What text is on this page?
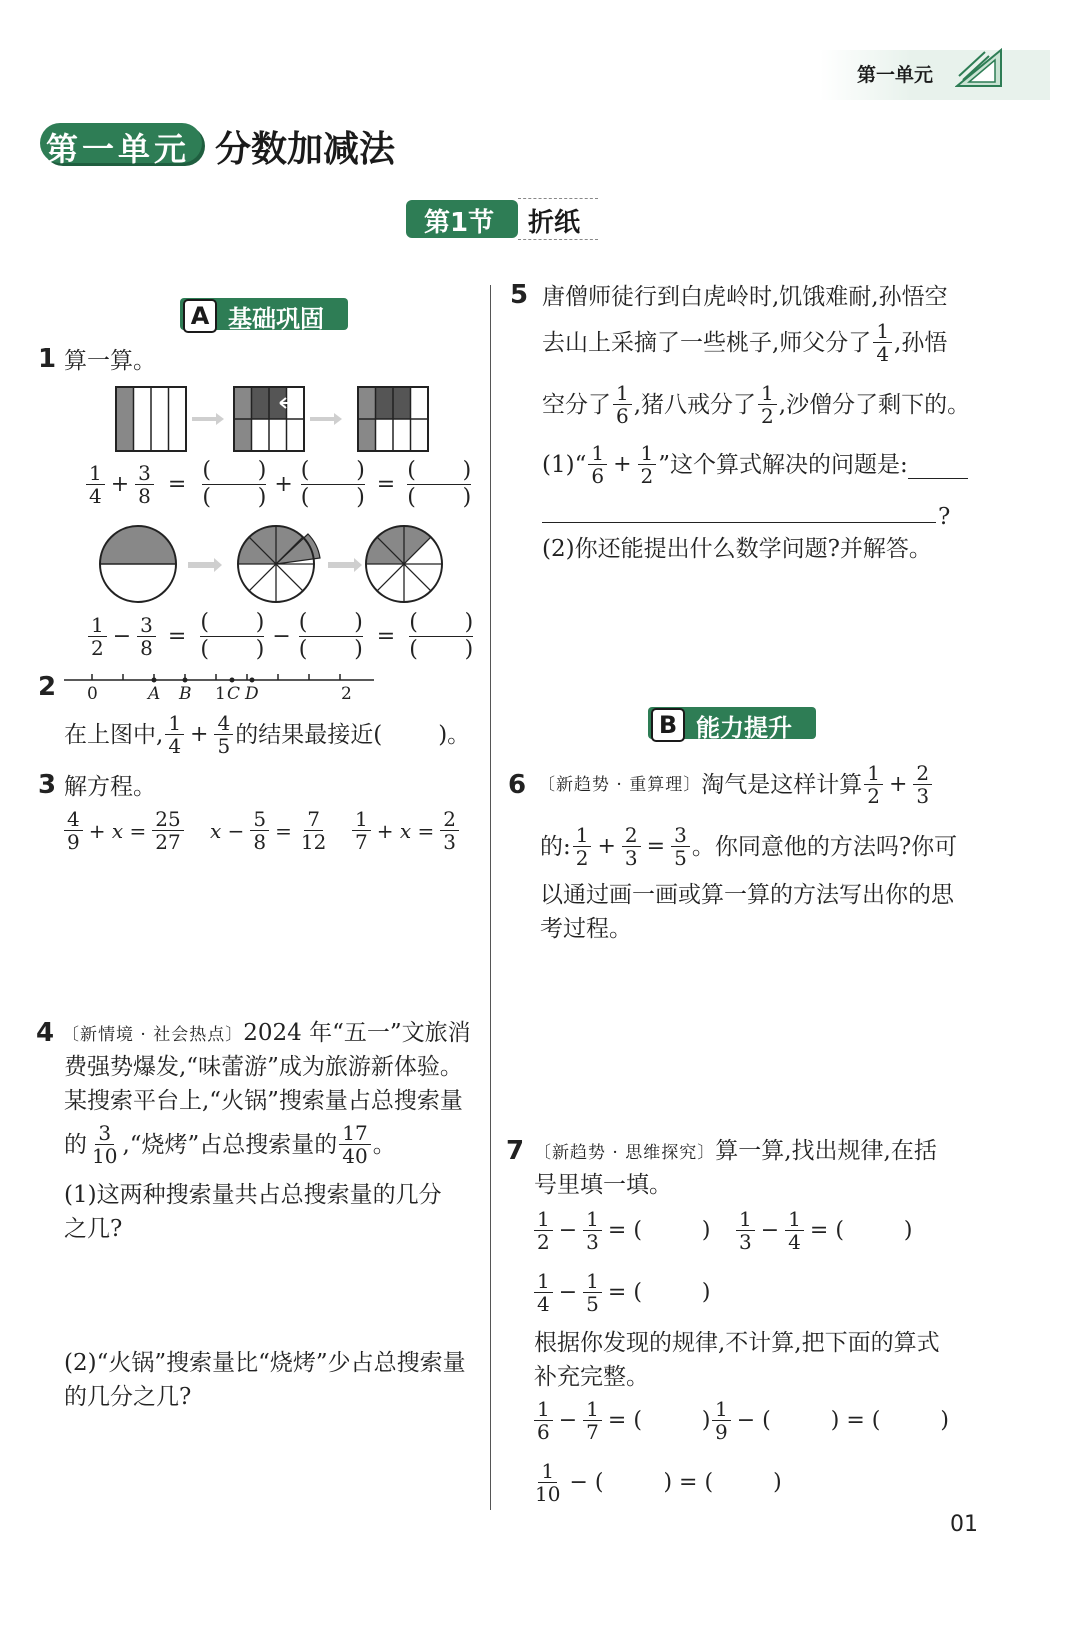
第一单元
第一单元 分数加减法
第1节 折纸
A 基础巩固
1 算一算。
1
$4 + \frac{3}{8}$ =
( )
( )
+
( )
( )
=
( )
( )
1
$2 - \frac{3}{8}$ =
( )
( )
−
( )
( )
=
( )
( )
2 0	A B 1 C D	2
在上图中, 1
$4 + \frac{4}{5}$ 的结果最接近( )。
3 解方程。
4
$9 + x = \frac{25}{27}$ $x - \frac{5}{8} = \frac{7}{12} 1$
$7 + x = \frac{2}{3}$
4 〔新情境 · 社会热点〕2024 年“五一”文旅消
费强势爆发,“味蕾游”成为旅游新体验。
某搜索平台上,“火锅”搜索量占总搜索量
的 3
10 ,“烧烤”占总搜索量的 17
40 。
(1)这两种搜索量共占总搜索量的几分
之几?
(2)“火锅”搜索量比“烧烤”少占总搜索量
的几分之几?
5 唐僧师徒行到白虎岭时,饥饿难耐,孙悟空
去山上采摘了一些桃子,师父分了 1
4 ,孙悟
空分了 1
6 ,猪八戒分了 1
2 ,沙僧分了剩下的。
(1)“ 1
$6 + \frac{1}{2}$ ”这个算式解决的问题是:
?
(2)你还能提出什么数学问题?并解答。
B 能力提升
6 〔新趋势 · 重算理〕 淘气是这样计算 1
$2 + \frac{2}{3}$
的: 1
$2 + \frac{2}{3} = \frac{3}{5}$ 。你同意他的方法吗?你可
以通过画一画或算一算的方法写出你的思
考过程。
7 〔新趋势 · 思维探究〕算一算,找出规律,在括
号里填一填。
1
$2 - \frac{1}{3}$ = (	) 1
$3 - \frac{1}{4}$ = (	)
1
$4 - \frac{1}{5}$ = (	)
根据你发现的规律,不计算,把下面的算式
补充完整。
1
$6 - \frac{1}{7}$ = (	) 1
9 − (	) = (	)
1
10 − (	) = (	)
01
